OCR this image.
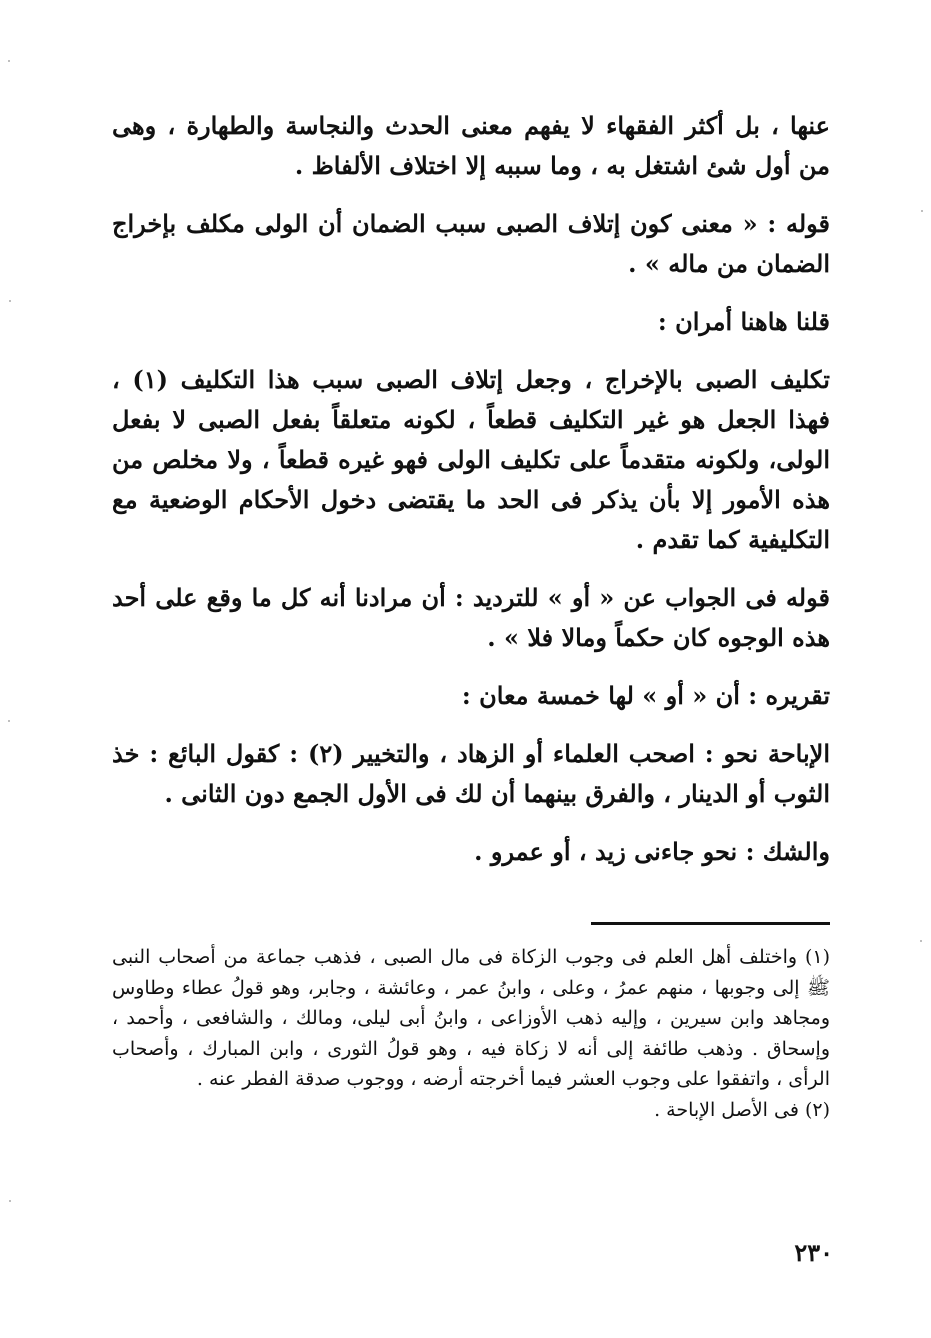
عنها ، بل أكثر الفقهاء لا يفهم معنى الحدث والنجاسة والطهارة ، وهى من أول شئ اشتغل به ، وما سببه إلا اختلاف الألفاظ .

قوله : « معنى كون إتلاف الصبى سبب الضمان أن الولى مكلف بإخراج الضمان من ماله » .

قلنا هاهنا أمران :

تكليف الصبى بالإخراج ، وجعل إتلاف الصبى سبب هذا التكليف (١) ، فهذا الجعل هو غير التكليف قطعاً ، لكونه متعلقاً بفعل الصبى لا بفعل الولى، ولكونه متقدماً على تكليف الولى فهو غيره قطعاً ، ولا مخلص من هذه الأمور إلا بأن يذكر فى الحد ما يقتضى دخول الأحكام الوضعية مع التكليفية كما تقدم .

قوله فى الجواب عن « أو » للترديد : أن مرادنا أنه كل ما وقع على أحد هذه الوجوه كان حكماً ومالا فلا » .

تقريره : أن « أو » لها خمسة معان :

الإباحة نحو : اصحب العلماء أو الزهاد ، والتخيير (٢) : كقول البائع : خذ الثوب أو الدينار ، والفرق بينهما أن لك فى الأول الجمع دون الثانى .

والشك : نحو جاءنى زيد ، أو عمرو .

(١) واختلف أهل العلم فى وجوب الزكاة فى مال الصبى ، فذهب جماعة من أصحاب النبى ﷺ إلى وجوبها ، منهم عمرُ ، وعلى ، وابنُ عمر ، وعائشة ، وجابر، وهو قولُ عطاء وطاوس ومجاهد وابن سيرين ، وإليه ذهب الأوزاعى ، وابنُ أبى ليلى، ومالك ، والشافعى ، وأحمد ، وإسحاق . وذهب طائفة إلى أنه لا زكاة فيه ، وهو قولُ الثورى ، وابن المبارك ، وأصحاب الرأى ، واتفقوا على وجوب العشر فيما أخرجته أرضه ، ووجوب صدقة الفطر عنه .

(٢) فى الأصل الإباحة .

٢٣٠
